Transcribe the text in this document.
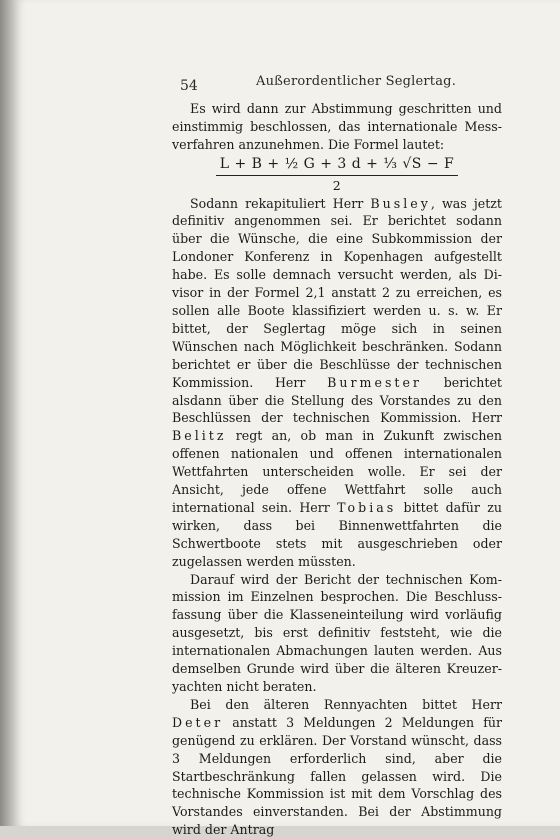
54	Außerordentlicher Seglertag.

Es wird dann zur Abstimmung geschritten und einstimmig beschlossen, das internationale Messverfahren anzunehmen. Die Formel lautet:

L + B + ½ G + 3 d + ⅓ √S − F
2

Sodann rekapituliert Herr Busley, was jetzt definitiv angenommen sei. Er berichtet sodann über die Wünsche, die eine Subkommission der Londoner Konferenz in Kopenhagen aufgestellt habe. Es solle demnach versucht werden, als Divisor in der Formel 2,1 anstatt 2 zu erreichen, es sollen alle Boote klassifiziert werden u. s. w. Er bittet, der Seglertag möge sich in seinen Wünschen nach Möglichkeit beschränken. Sodann berichtet er über die Beschlüsse der technischen Kommission. Herr Burmester berichtet alsdann über die Stellung des Vorstandes zu den Beschlüssen der technischen Kommission. Herr Belitz regt an, ob man in Zukunft zwischen offenen nationalen und offenen internationalen Wettfahrten unterscheiden wolle. Er sei der Ansicht, jede offene Wettfahrt solle auch international sein. Herr Tobias bittet dafür zu wirken, dass bei Binnenwettfahrten die Schwertboote stets mit ausgeschrieben oder zugelassen werden müssten.

Darauf wird der Bericht der technischen Kommission im Einzelnen besprochen. Die Beschlussfassung über die Klasseneinteilung wird vorläufig ausgesetzt, bis erst definitiv feststeht, wie die internationalen Abmachungen lauten werden. Aus demselben Grunde wird über die älteren Kreuzeryachten nicht beraten.

Bei den älteren Rennyachten bittet Herr Deter anstatt 3 Meldungen 2 Meldungen für genügend zu erklären. Der Vorstand wünscht, dass 3 Meldungen erforderlich sind, aber die Startbeschränkung fallen gelassen wird. Die technische Kommission ist mit dem Vorschlag des Vorstandes einverstanden. Bei der Abstimmung wird der Antrag
